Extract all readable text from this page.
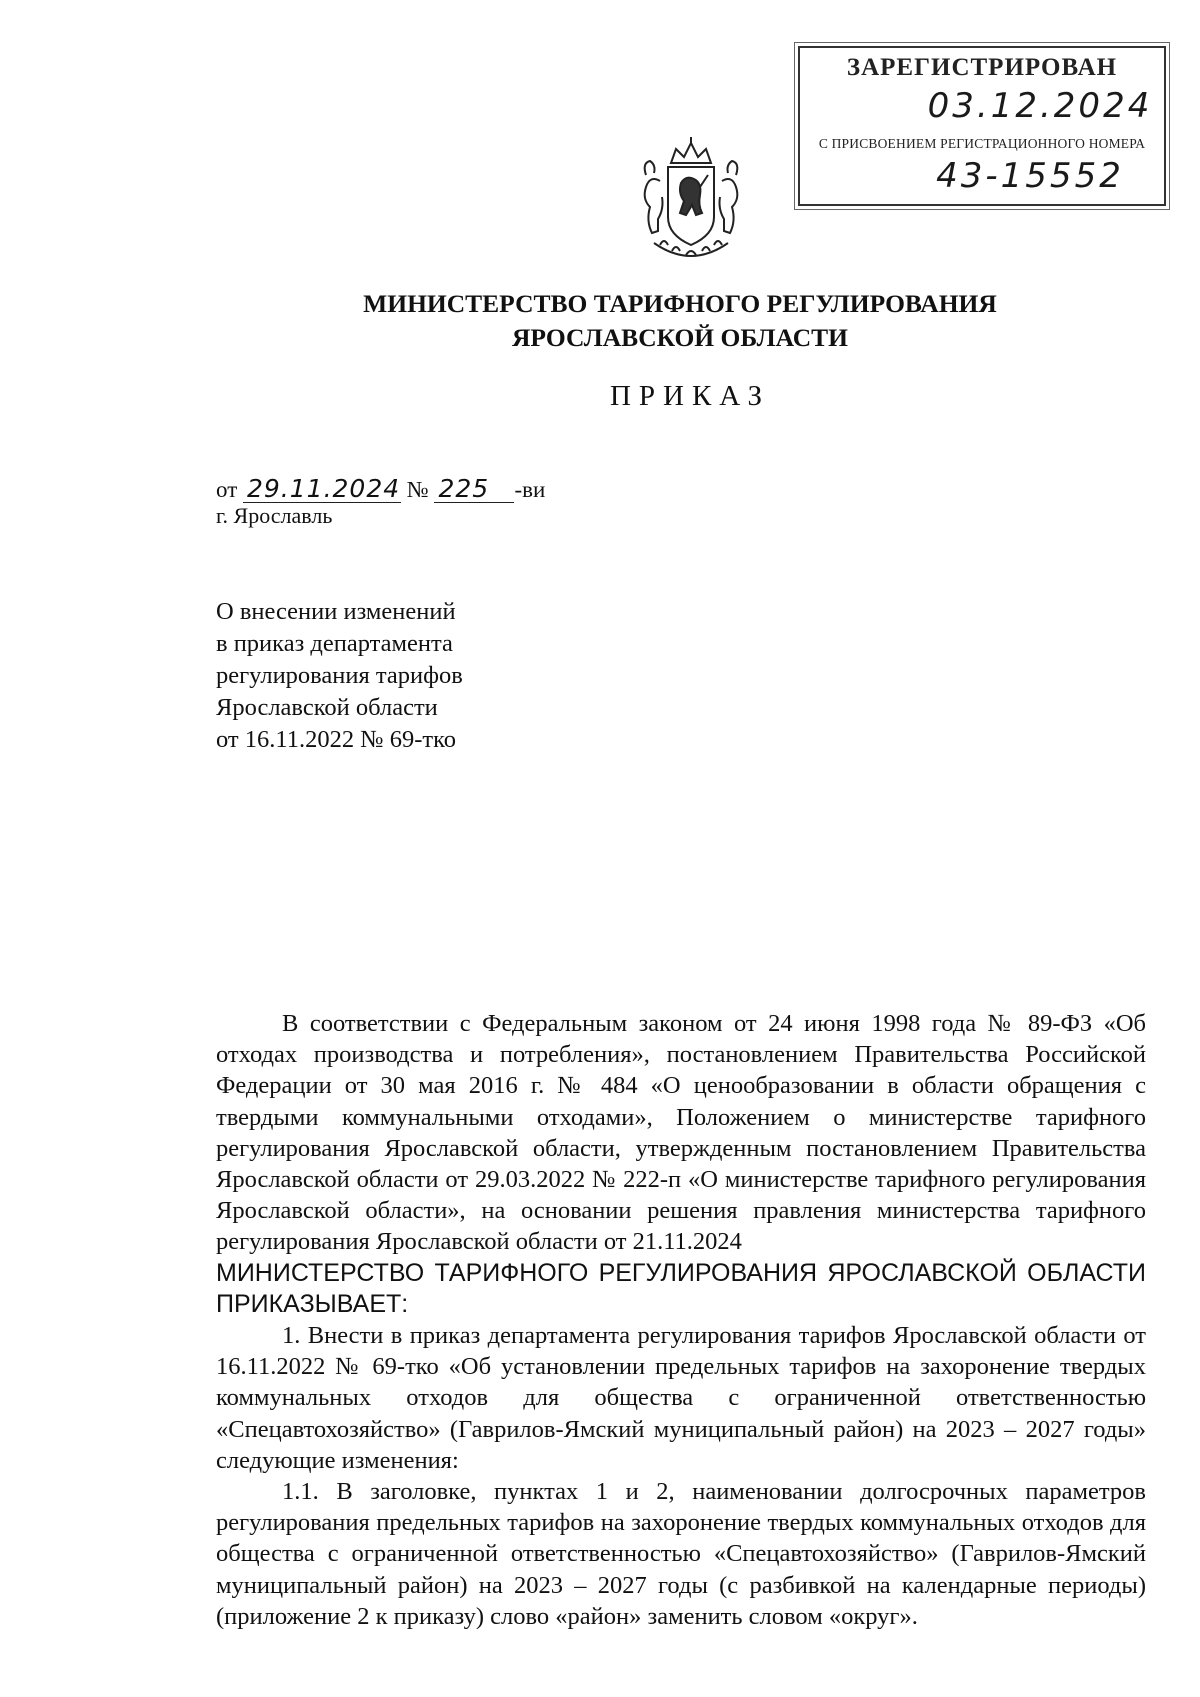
ЗАРЕГИСТРИРОВАН
03.12.2024
С ПРИСВОЕНИЕМ РЕГИСТРАЦИОННОГО НОМЕРА
43-15552
МИНИСТЕРСТВО ТАРИФНОГО РЕГУЛИРОВАНИЯ
ЯРОСЛАВСКОЙ ОБЛАСТИ
ПРИКАЗ
от 29.11.2024 № 225 -ви
г. Ярославль
О внесении изменений
в приказ департамента
регулирования тарифов
Ярославской области
от 16.11.2022 № 69-тко

В соответствии с Федеральным законом от 24 июня 1998 года № 89-ФЗ «Об отходах производства и потребления», постановлением Правительства Российской Федерации от 30 мая 2016 г. № 484 «О ценообразовании в области обращения с твердыми коммунальными отходами», Положением о министерстве тарифного регулирования Ярославской области, утвержденным постановлением Правительства Ярославской области от 29.03.2022 № 222-п «О министерстве тарифного регулирования Ярославской области», на основании решения правления министерства тарифного регулирования Ярославской области от 21.11.2024

МИНИСТЕРСТВО ТАРИФНОГО РЕГУЛИРОВАНИЯ ЯРОСЛАВСКОЙ ОБЛАСТИ ПРИКАЗЫВАЕТ:

1. Внести в приказ департамента регулирования тарифов Ярославской области от 16.11.2022 № 69-тко «Об установлении предельных тарифов на захоронение твердых коммунальных отходов для общества с ограниченной ответственностью «Спецавтохозяйство» (Гаврилов-Ямский муниципальный район) на 2023 – 2027 годы» следующие изменения:

1.1. В заголовке, пунктах 1 и 2, наименовании долгосрочных параметров регулирования предельных тарифов на захоронение твердых коммунальных отходов для общества с ограниченной ответственностью «Спецавтохозяйство» (Гаврилов-Ямский муниципальный район) на 2023 – 2027 годы (с разбивкой на календарные периоды) (приложение 2 к приказу) слово «район» заменить словом «округ».
